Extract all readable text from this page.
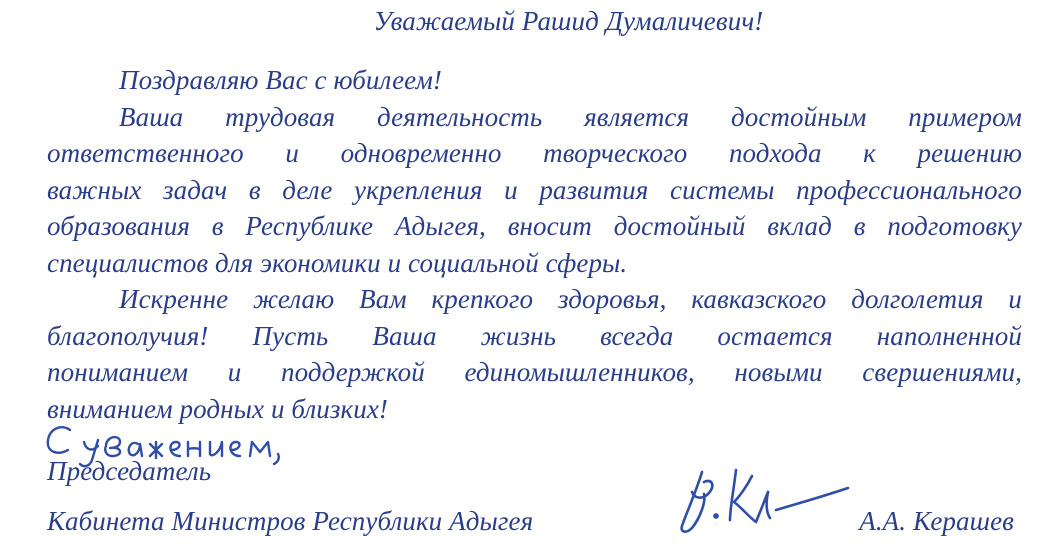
Уважаемый Рашид Думаличевич!

Поздравляю Вас с юбилеем!

Ваша трудовая деятельность является достойным примером
ответственного и одновременно творческого подхода к решению
важных задач в деле укрепления и развития системы профессионального
образования в Республике Адыгея, вносит достойный вклад в подготовку
специалистов для экономики и социальной сферы.

Искренне желаю Вам крепкого здоровья, кавказского долголетия и
благополучия! Пусть Ваша жизнь всегда остается наполненной
пониманием и поддержкой единомышленников, новыми свершениями,
вниманием родных и близких!

Председатель
Кабинета Министров Республики Адыгея	А.А. Керашев
